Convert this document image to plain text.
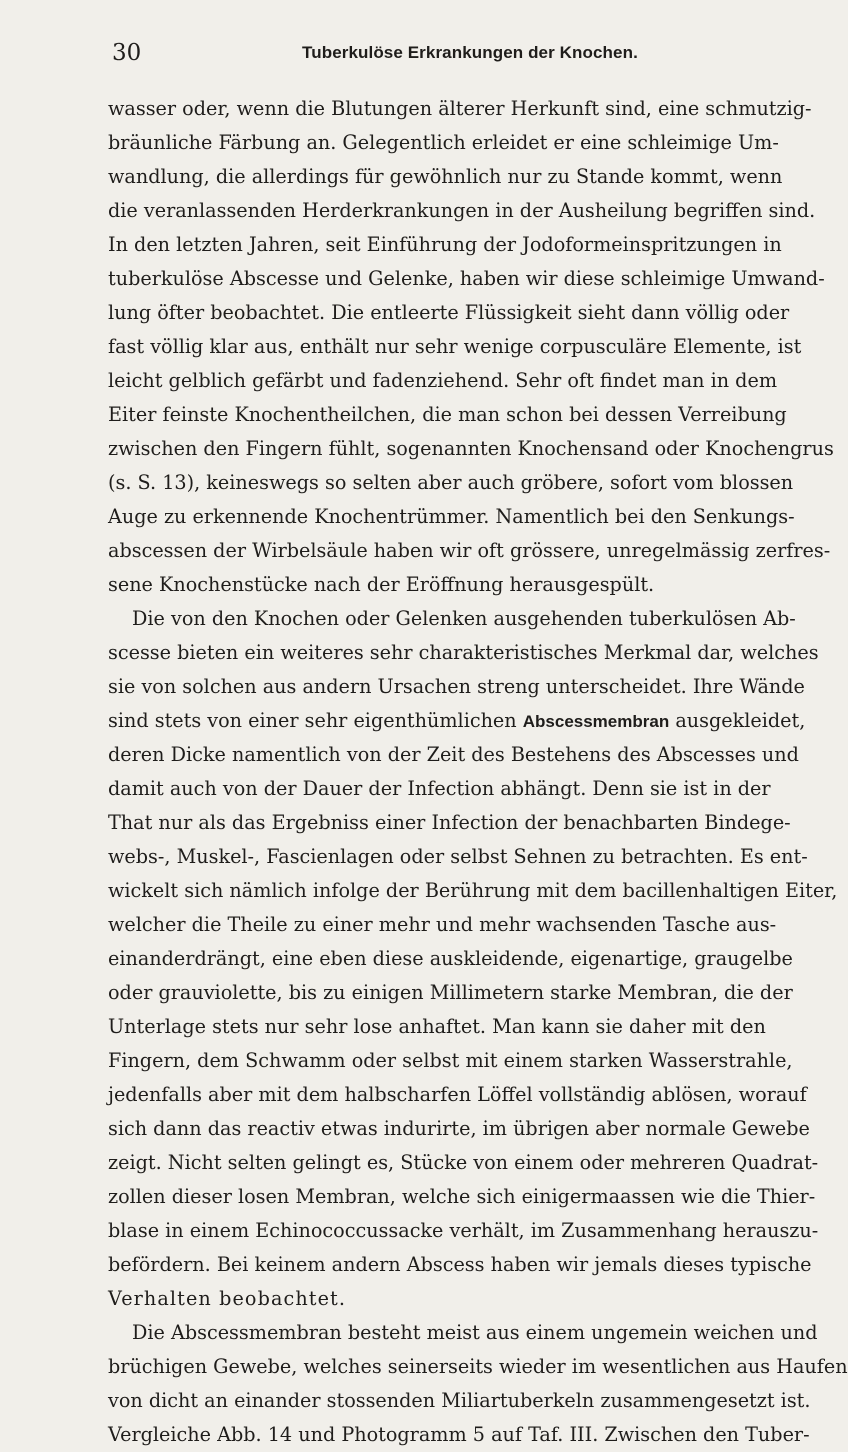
30	Tuberkulöse Erkrankungen der Knochen.
wasser oder, wenn die Blutungen älterer Herkunft sind, eine schmutzig-
bräunliche Färbung an. Gelegentlich erleidet er eine schleimige Um-
wandlung, die allerdings für gewöhnlich nur zu Stande kommt, wenn
die veranlassenden Herderkrankungen in der Ausheilung begriffen sind.
In den letzten Jahren, seit Einführung der Jodoformeinspritzungen in
tuberkulöse Abscesse und Gelenke, haben wir diese schleimige Umwand-
lung öfter beobachtet. Die entleerte Flüssigkeit sieht dann völlig oder
fast völlig klar aus, enthält nur sehr wenige corpusculäre Elemente, ist
leicht gelblich gefärbt und fadenziehend. Sehr oft findet man in dem
Eiter feinste Knochentheilchen, die man schon bei dessen Verreibung
zwischen den Fingern fühlt, sogenannten Knochensand oder Knochengrus
(s. S. 13), keineswegs so selten aber auch gröbere, sofort vom blossen
Auge zu erkennende Knochentrümmer. Namentlich bei den Senkungs-
abscessen der Wirbelsäule haben wir oft grössere, unregelmässig zerfres-
sene Knochenstücke nach der Eröffnung herausgespült.
Die von den Knochen oder Gelenken ausgehenden tuberkulösen Ab-
scesse bieten ein weiteres sehr charakteristisches Merkmal dar, welches
sie von solchen aus andern Ursachen streng unterscheidet. Ihre Wände
sind stets von einer sehr eigenthümlichen Abscessmembran ausgekleidet,
deren Dicke namentlich von der Zeit des Bestehens des Abscesses und
damit auch von der Dauer der Infection abhängt. Denn sie ist in der
That nur als das Ergebniss einer Infection der benachbarten Bindege-
webs-, Muskel-, Fascienlagen oder selbst Sehnen zu betrachten. Es ent-
wickelt sich nämlich infolge der Berührung mit dem bacillenhaltigen Eiter,
welcher die Theile zu einer mehr und mehr wachsenden Tasche aus-
einanderdrängt, eine eben diese auskleidende, eigenartige, graugelbe
oder grauviolette, bis zu einigen Millimetern starke Membran, die der
Unterlage stets nur sehr lose anhaftet. Man kann sie daher mit den
Fingern, dem Schwamm oder selbst mit einem starken Wasserstrahle,
jedenfalls aber mit dem halbscharfen Löffel vollständig ablösen, worauf
sich dann das reactiv etwas indurirte, im übrigen aber normale Gewebe
zeigt. Nicht selten gelingt es, Stücke von einem oder mehreren Quadrat-
zollen dieser losen Membran, welche sich einigermaassen wie die Thier-
blase in einem Echinococcussacke verhält, im Zusammenhang herauszu-
befördern. Bei keinem andern Abscess haben wir jemals dieses typische
Verhalten beobachtet.
Die Abscessmembran besteht meist aus einem ungemein weichen und
brüchigen Gewebe, welches seinerseits wieder im wesentlichen aus Haufen
von dicht an einander stossenden Miliartuberkeln zusammengesetzt ist.
Vergleiche Abb. 14 und Photogramm 5 auf Taf. III. Zwischen den Tuber-
